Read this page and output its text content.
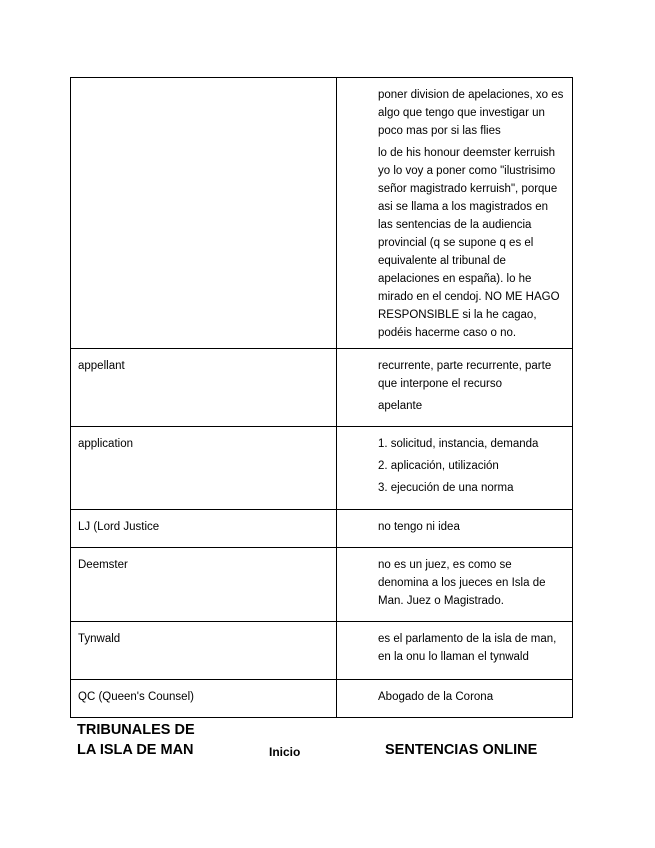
	poner division de apelaciones, xo es algo que tengo que investigar un poco mas por si las flies

lo de his honour deemster kerruish yo lo voy a poner como "ilustrisimo señor magistrado kerruish", porque asi se llama a los magistrados en las sentencias de la audiencia provincial (q se supone q es el equivalente al tribunal de apelaciones en españa). lo he mirado en el cendoj. NO ME HAGO RESPONSIBLE si la he cagao, podéis hacerme caso o no.

appellant	recurrente, parte recurrente, parte que interpone el recurso

apelante

application	1. solicitud, instancia, demanda

2. aplicación, utilización

3. ejecución de una norma

LJ (Lord Justice	no tengo ni idea

Deemster	no es un juez, es como se denomina a los jueces en Isla de Man. Juez o Magistrado.

Tynwald	es el parlamento de la isla de man, en la onu lo llaman el tynwald

QC (Queen's Counsel)	Abogado de la Corona

TRIBUNALES DE
LA ISLA DE MAN	Inicio	SENTENCIAS ONLINE
